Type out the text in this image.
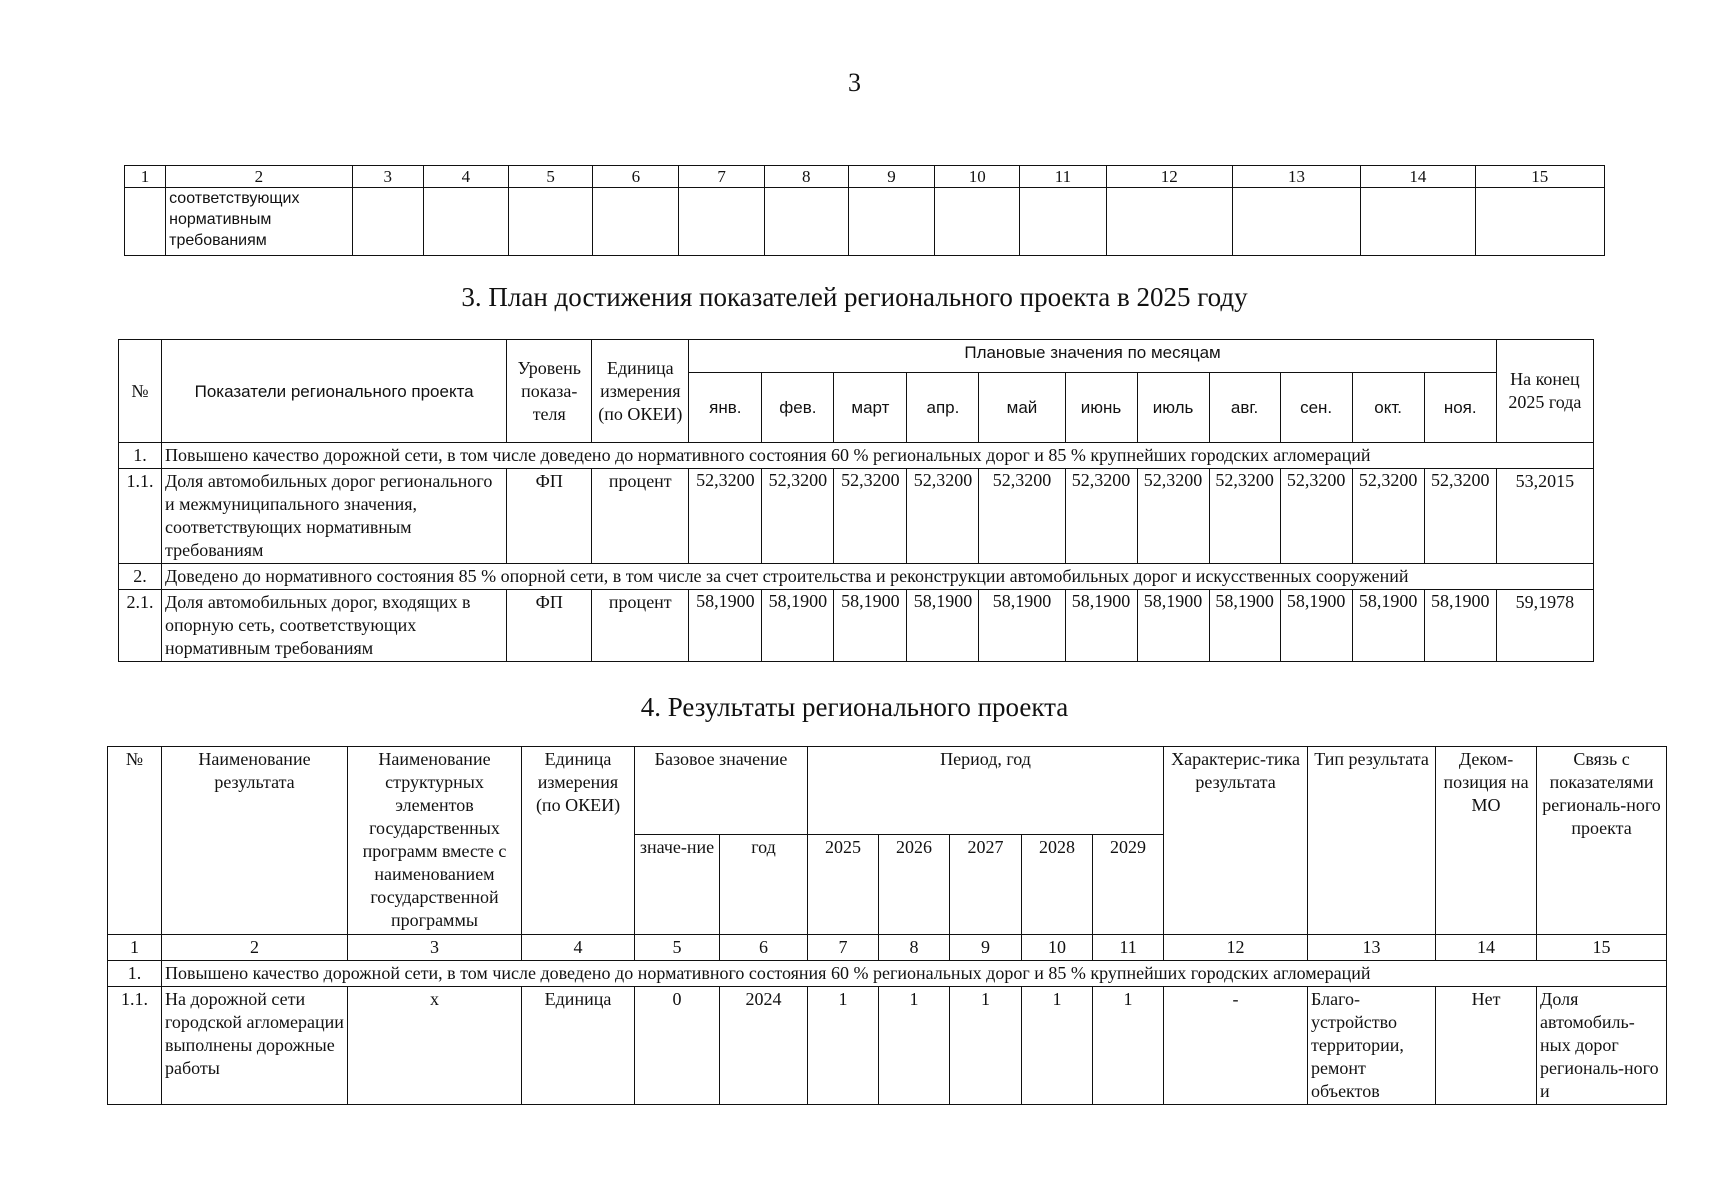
3
1	2	3	4	5	6	7	8	9	10	11	12	13	14	15
	соответствующих нормативным требованиям													
3. План достижения показателей регионального проекта в 2025 году
№	Показатели регионального проекта	Уровень показа-теля	Единица измерения (по ОКЕИ)	Плановые значения по месяцам											На конец 2025 года
				янв.	фев.	март	апр.	май	июнь	июль	авг.	сен.	окт.	ноя.	
1.	Повышено качество дорожной сети, в том числе доведено до нормативного состояния 60 % региональных дорог и 85 % крупнейших городских агломераций														
1.1.	Доля автомобильных дорог регионального и межмуниципального значения, соответствующих нормативным требованиям	ФП	процент	52,3200	52,3200	52,3200	52,3200	52,3200	52,3200	52,3200	52,3200	52,3200	52,3200	52,3200	53,2015
2.	Доведено до нормативного состояния 85 % опорной сети, в том числе за счет строительства и реконструкции автомобильных дорог и искусственных сооружений														
2.1.	Доля автомобильных дорог, входящих в опорную сеть, соответствующих нормативным требованиям	ФП	процент	58,1900	58,1900	58,1900	58,1900	58,1900	58,1900	58,1900	58,1900	58,1900	58,1900	58,1900	59,1978
4. Результаты регионального проекта
№	Наименование результата	Наименование структурных элементов государственных программ вместе с наименованием государственной программы	Единица измерения (по ОКЕИ)	Базовое значение		Период, год					Характерис-тика результата	Тип результата	Деком-позиция на МО	Связь с показателями региональ-ного проекта
				значе-ние	год	2025	2026	2027	2028	2029				
1	2	3	4	5	6	7	8	9	10	11	12	13	14	15
1.	Повышено качество дорожной сети, в том числе доведено до нормативного состояния 60 % региональных дорог и 85 % крупнейших городских агломераций													
1.1.	На дорожной сети городской агломерации выполнены дорожные работы	х	Единица	0	2024	1	1	1	1	1	-	Благо-устройство территории, ремонт объектов	Нет	Доля автомобиль-ных дорог региональ-ного и
